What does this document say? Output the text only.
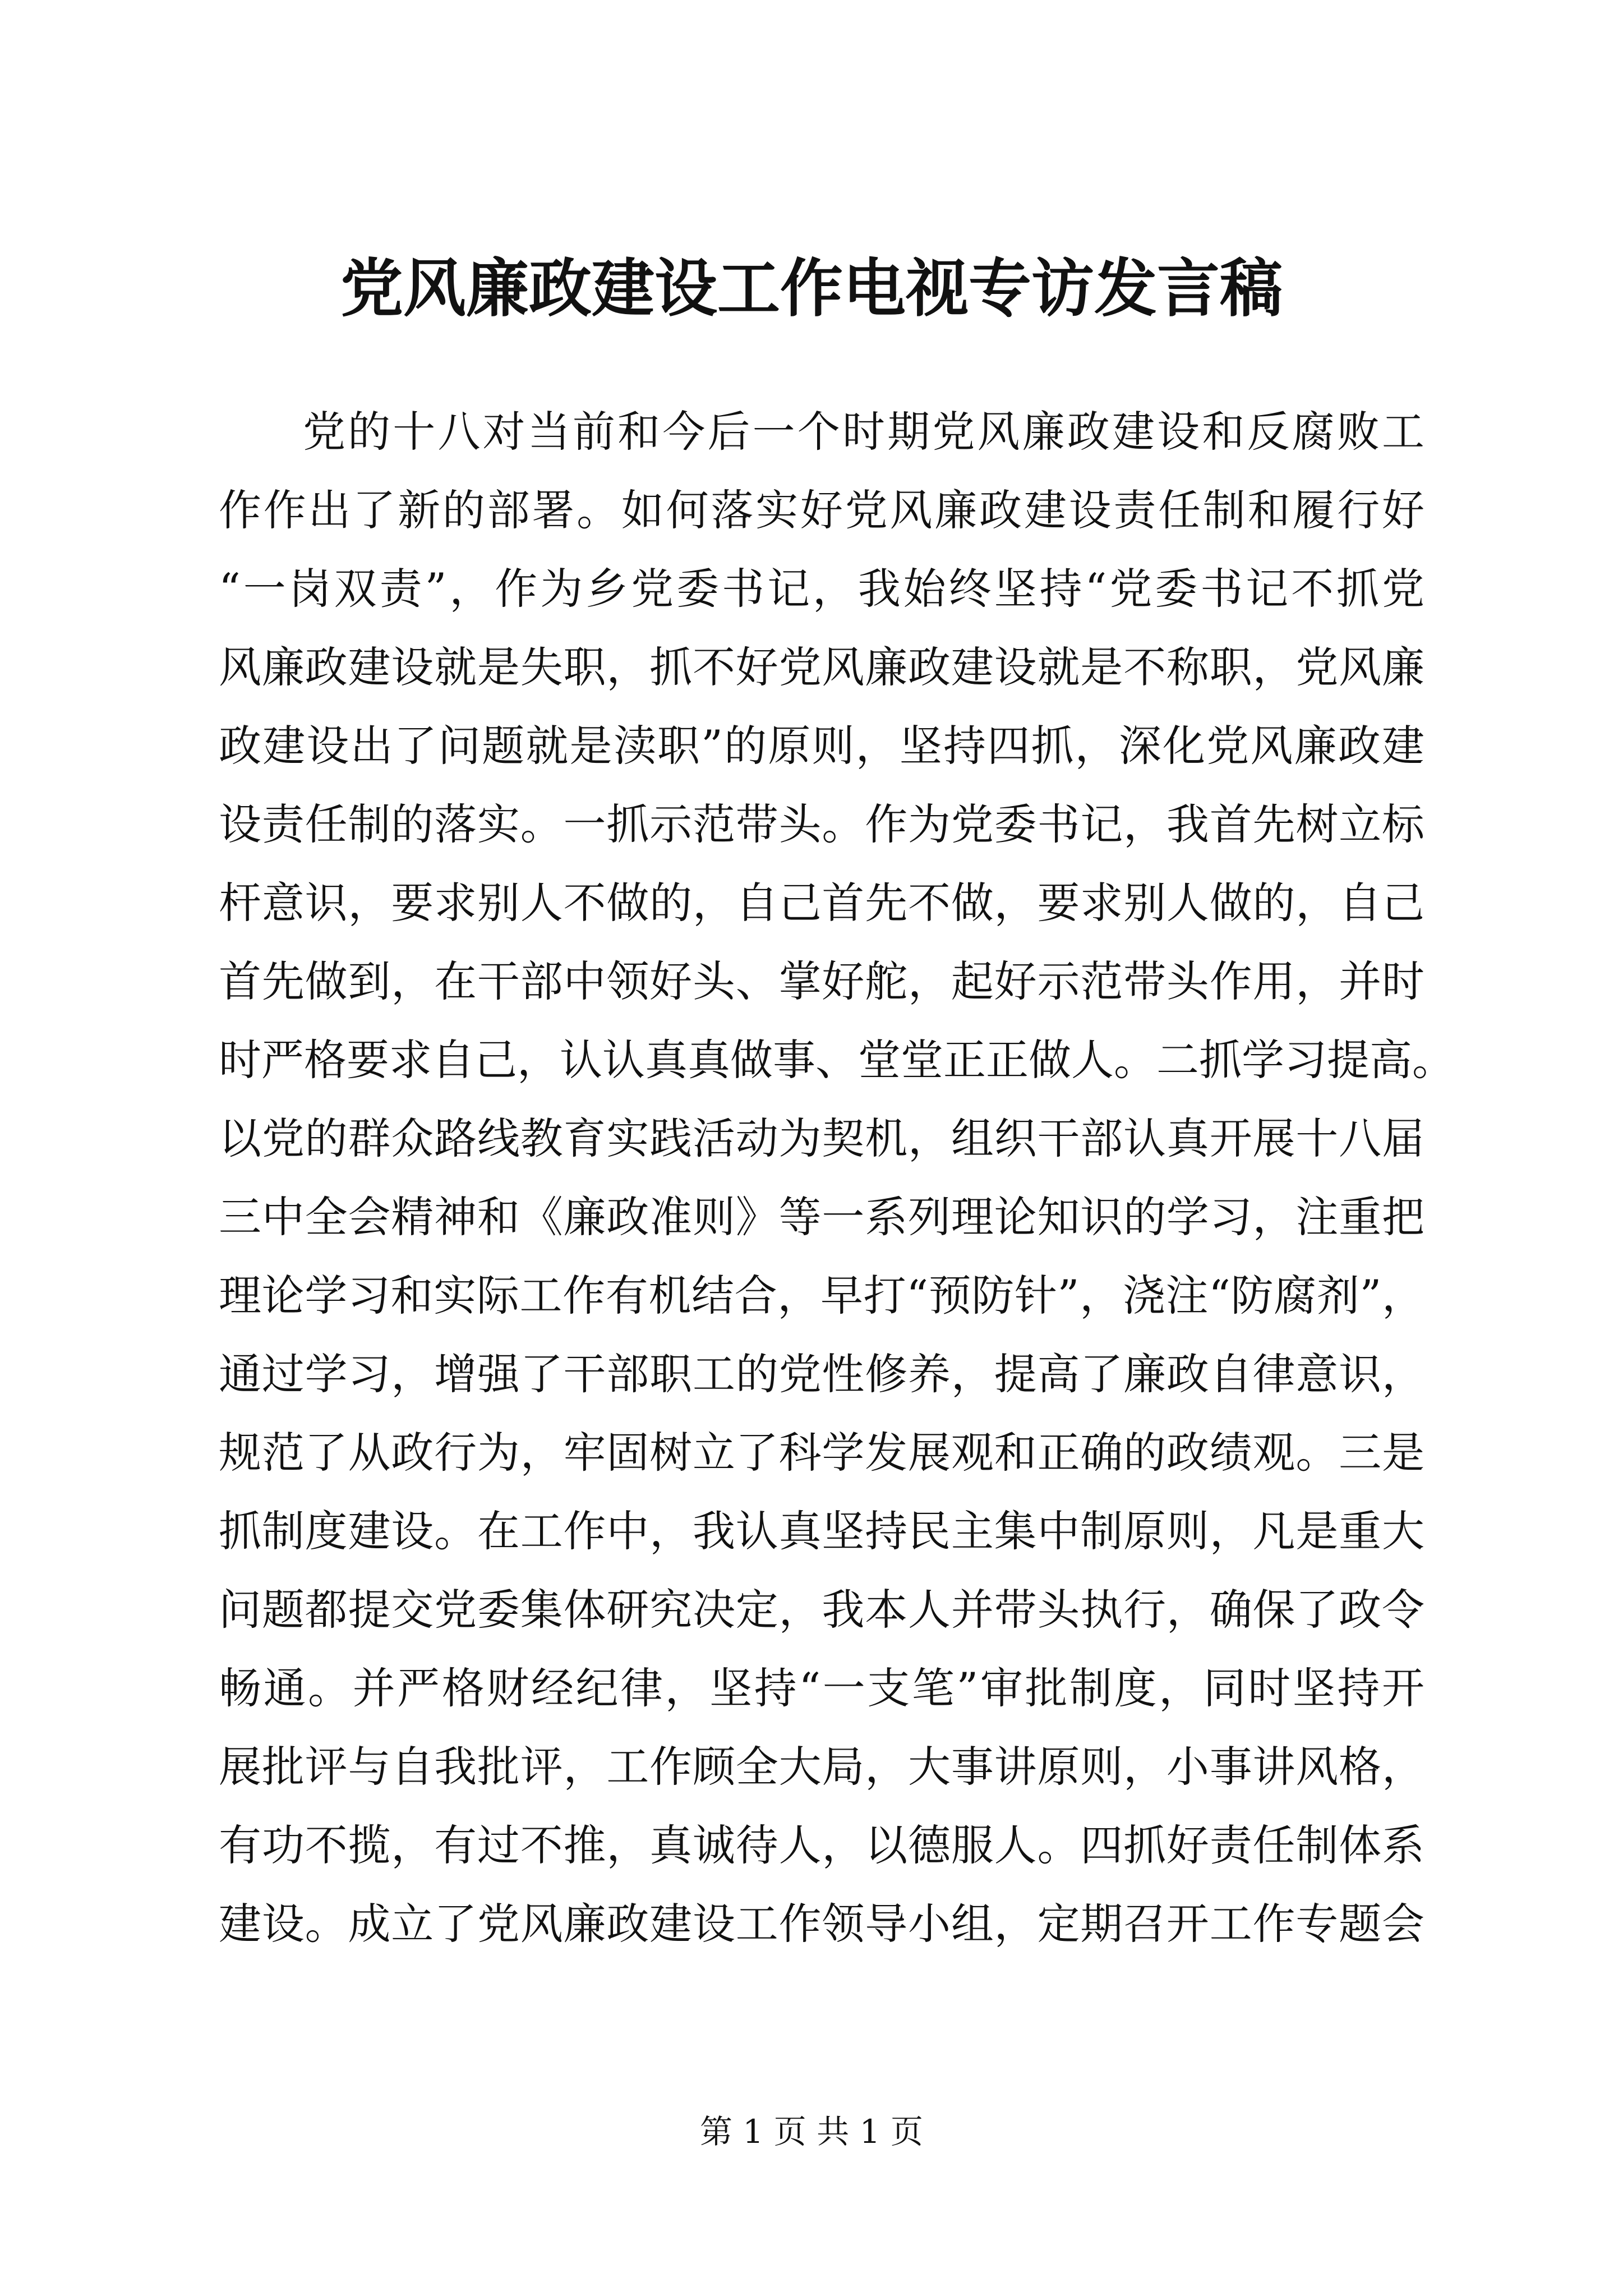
党风廉政建设工作电视专访发言稿
党的十八对当前和今后一个时期党风廉政建设和反腐败工
作作出了新的部署。如何落实好党风廉政建设责任制和履行好
“一岗双责”，作为乡党委书记，我始终坚持“党委书记不抓党
风廉政建设就是失职，抓不好党风廉政建设就是不称职，党风廉
政建设出了问题就是渎职”的原则，坚持四抓，深化党风廉政建
设责任制的落实。一抓示范带头。作为党委书记，我首先树立标
杆意识，要求别人不做的，自己首先不做，要求别人做的，自己
首先做到，在干部中领好头、掌好舵，起好示范带头作用，并时
时严格要求自己，认认真真做事、堂堂正正做人。二抓学习提高。
以党的群众路线教育实践活动为契机，组织干部认真开展十八届
三中全会精神和《廉政准则》等一系列理论知识的学习，注重把
理论学习和实际工作有机结合，早打“预防针”，浇注“防腐剂”，
通过学习，增强了干部职工的党性修养，提高了廉政自律意识，
规范了从政行为，牢固树立了科学发展观和正确的政绩观。三是
抓制度建设。在工作中，我认真坚持民主集中制原则，凡是重大
问题都提交党委集体研究决定，我本人并带头执行，确保了政令
畅通。并严格财经纪律，坚持“一支笔”审批制度，同时坚持开
展批评与自我批评，工作顾全大局，大事讲原则，小事讲风格，
有功不揽，有过不推，真诚待人，以德服人。四抓好责任制体系
建设。成立了党风廉政建设工作领导小组，定期召开工作专题会
第 1 页 共 1 页
